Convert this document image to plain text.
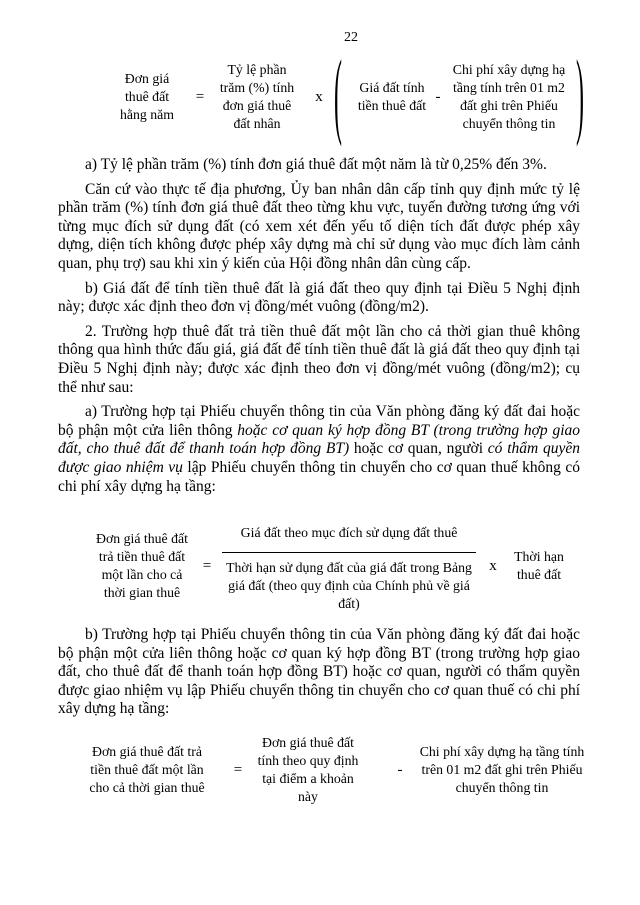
22
Đơn giá thuê đất hằng năm
=
Tỷ lệ phần trăm (%) tính đơn giá thuê đất nhân
x ( Giá đất tính tiền thuê đất
-
Chi phí xây dựng hạ tầng tính trên 01 m2 đất ghi trên Phiếu chuyển thông tin )

a) Tỷ lệ phần trăm (%) tính đơn giá thuê đất một năm là từ 0,25% đến 3%.

Căn cứ vào thực tế địa phương, Ủy ban nhân dân cấp tỉnh quy định mức tỷ lệ phần trăm (%) tính đơn giá thuê đất theo từng khu vực, tuyến đường tương ứng với từng mục đích sử dụng đất (có xem xét đến yếu tố diện tích đất được phép xây dựng, diện tích không được phép xây dựng mà chỉ sử dụng vào mục đích làm cảnh quan, phụ trợ) sau khi xin ý kiến của Hội đồng nhân dân cùng cấp.

b) Giá đất để tính tiền thuê đất là giá đất theo quy định tại Điều 5 Nghị định này; được xác định theo đơn vị đồng/mét vuông (đồng/m2).

2. Trường hợp thuê đất trả tiền thuê đất một lần cho cả thời gian thuê không thông qua hình thức đấu giá, giá đất để tính tiền thuê đất là giá đất theo quy định tại Điều 5 Nghị định này; được xác định theo đơn vị đồng/mét vuông (đồng/m2); cụ thể như sau:

a) Trường hợp tại Phiếu chuyển thông tin của Văn phòng đăng ký đất đai hoặc bộ phận một cửa liên thông hoặc cơ quan ký hợp đồng BT (trong trường hợp giao đất, cho thuê đất để thanh toán hợp đồng BT) hoặc cơ quan, người có thẩm quyền được giao nhiệm vụ lập Phiếu chuyển thông tin chuyển cho cơ quan thuế không có chi phí xây dựng hạ tầng:

Đơn giá thuê đất trả tiền thuê đất một lần cho cả thời gian thuê
=
Giá đất theo mục đích sử dụng đất thuê
Thời hạn sử dụng đất của giá đất trong Bảng giá đất (theo quy định của Chính phủ về giá đất)
x
Thời hạn thuê đất

b) Trường hợp tại Phiếu chuyển thông tin của Văn phòng đăng ký đất đai hoặc bộ phận một cửa liên thông hoặc cơ quan ký hợp đồng BT (trong trường hợp giao đất, cho thuê đất để thanh toán hợp đồng BT) hoặc cơ quan, người có thẩm quyền được giao nhiệm vụ lập Phiếu chuyển thông tin chuyển cho cơ quan thuế có chi phí xây dựng hạ tầng:

Đơn giá thuê đất trả tiền thuê đất một lần cho cả thời gian thuê
=
Đơn giá thuê đất tính theo quy định tại điểm a khoản này
-
Chi phí xây dựng hạ tầng tính trên 01 m2 đất ghi trên Phiếu chuyển thông tin
